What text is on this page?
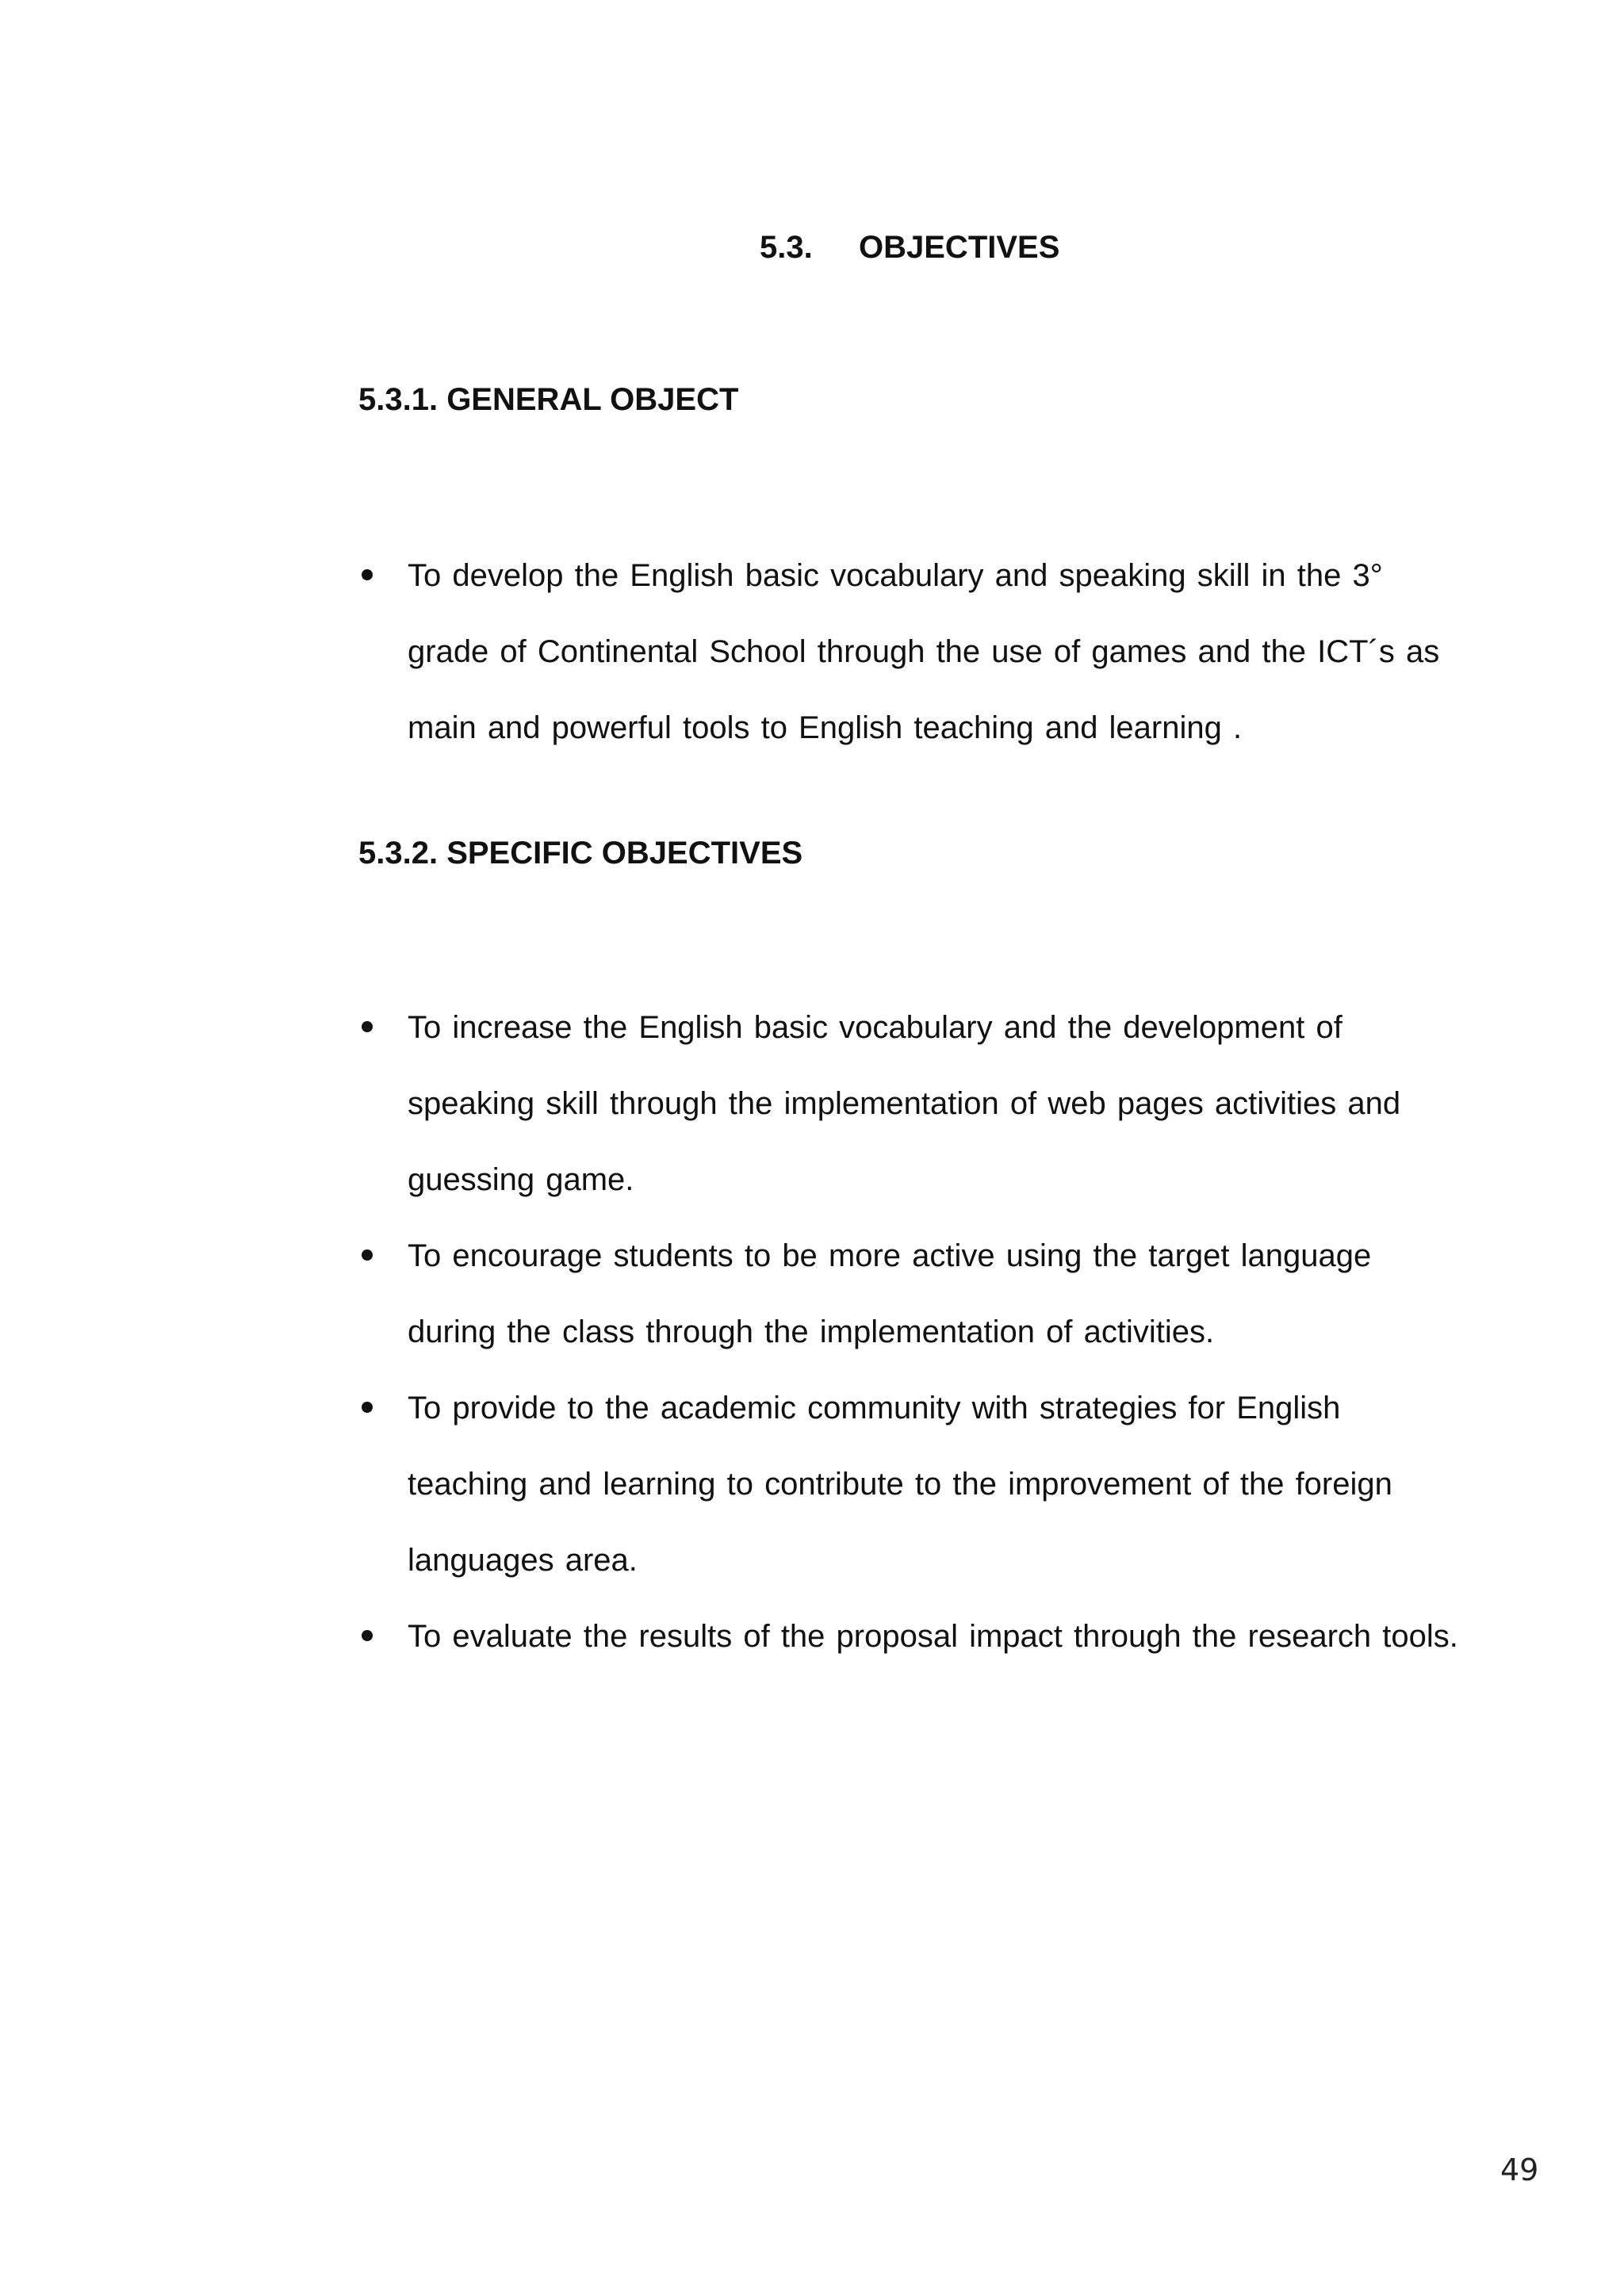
5.3. OBJECTIVES
5.3.1. GENERAL OBJECT
To develop the English basic vocabulary and speaking skill in the 3°
grade of Continental School through the use of games and the ICT´s as
main and powerful tools to English teaching and learning .
5.3.2. SPECIFIC OBJECTIVES
To increase the English basic vocabulary and the development of
speaking skill through the implementation of web pages activities and
guessing game.
To encourage students to be more active using the target language
during the class through the implementation of activities.
To provide to the academic community with strategies for English
teaching and learning to contribute to the improvement of the foreign
languages area.
To evaluate the results of the proposal impact through the research tools.
49
